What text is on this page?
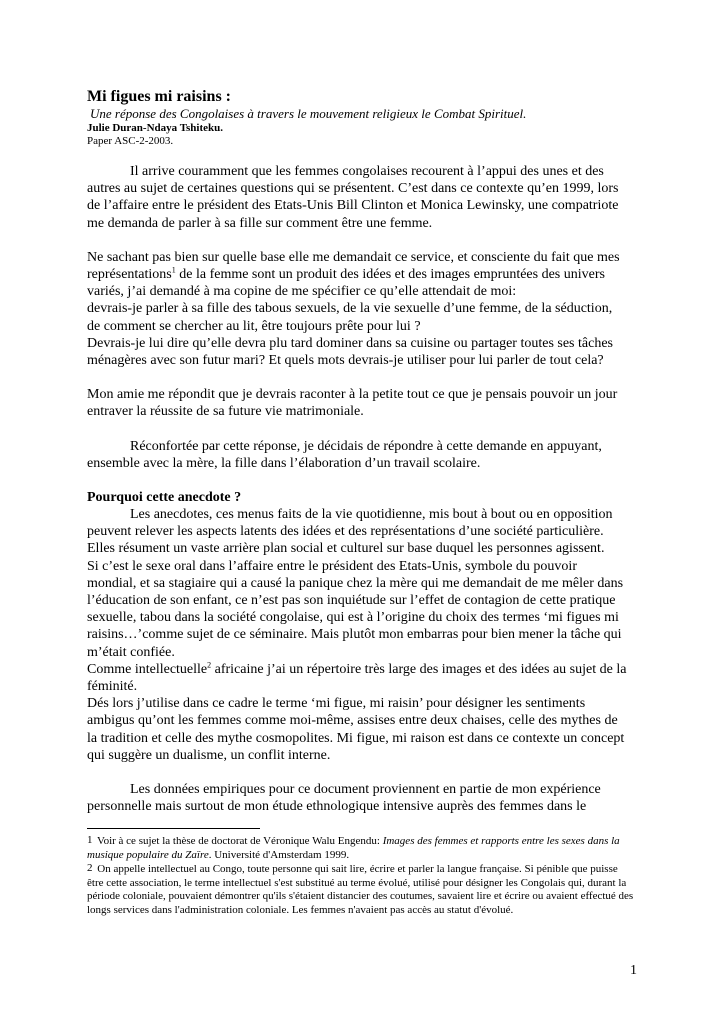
Mi figues mi raisins :

Une réponse des Congolaises à travers le mouvement religieux le Combat Spirituel.

Julie Duran-Ndaya Tshiteku.

Paper ASC-2-2003.

Il arrive couramment que les femmes congolaises recourent à l’appui des unes et des autres au sujet de certaines questions qui se présentent. C’est dans ce contexte qu’en 1999, lors de l’affaire entre le président des Etats-Unis Bill Clinton et Monica Lewinsky, une compatriote me demanda de parler à sa fille sur comment être une femme.

Ne sachant pas bien sur quelle base elle me demandait ce service, et consciente du fait que mes représentations$^1$ de la femme sont un produit des idées et des images empruntées des univers variés, j’ai demandé à ma copine de me spécifier ce qu’elle attendait de moi:

devrais-je parler à sa fille des tabous sexuels, de la vie sexuelle d’une femme, de la séduction, de comment se chercher au lit, être toujours prête pour lui ?

Devrais-je lui dire qu’elle devra plu tard dominer dans sa cuisine ou partager toutes ses tâches ménagères avec son futur mari? Et quels mots devrais-je utiliser pour lui parler de tout cela?

Mon amie me répondit que je devrais raconter à la petite tout ce que je pensais pouvoir un jour entraver la réussite de sa future vie matrimoniale.

Réconfortée par cette réponse, je décidais de répondre à cette demande en appuyant, ensemble avec la mère, la fille dans l’élaboration d’un travail scolaire.

Pourquoi cette anecdote ?

Les anecdotes, ces menus faits de la vie quotidienne, mis bout à bout ou en opposition peuvent relever les aspects latents des idées et des représentations d’une société particulière. Elles résument un vaste arrière plan social et culturel sur base duquel les personnes agissent.

Si c’est le sexe oral dans l’affaire entre le président des Etats-Unis, symbole du pouvoir mondial, et sa stagiaire qui a causé la panique chez la mère qui me demandait de me mêler dans l’éducation de son enfant, ce n’est pas son inquiétude sur l’effet de contagion de cette pratique sexuelle, tabou dans la société congolaise, qui est à l’origine du choix des termes ‘mi figues mi raisins…’comme sujet de ce séminaire. Mais plutôt mon embarras pour bien mener la tâche qui m’était confiée.

Comme intellectuelle$^2$ africaine j’ai un répertoire très large des images et des idées au sujet de la féminité.

Dés lors j’utilise dans ce cadre le terme ‘mi figue, mi raisin’ pour désigner les sentiments ambigus qu’ont les femmes comme moi-même, assises entre deux chaises, celle des mythes de la tradition et celle des mythe cosmopolites. Mi figue, mi raison est dans ce contexte un concept qui suggère un dualisme, un conflit interne.

Les données empiriques pour ce document proviennent en partie de mon expérience personnelle mais surtout de mon étude ethnologique intensive auprès des femmes dans le

1 Voir à ce sujet la thèse de doctorat de Véronique Walu Engendu: Images des femmes et rapports entre les sexes dans la musique populaire du Zaïre. Université d'Amsterdam 1999.

2 On appelle intellectuel au Congo, toute personne qui sait lire, écrire et parler la langue française. Si pénible que puisse être cette association, le terme intellectuel s'est substitué au terme évolué, utilisé pour désigner les Congolais qui, durant la période coloniale, pouvaient démontrer qu'ils s'étaient distancier des coutumes, savaient lire et écrire ou avaient effectué des longs services dans l'administration coloniale. Les femmes n'avaient pas accès au statut d'évolué.

1
